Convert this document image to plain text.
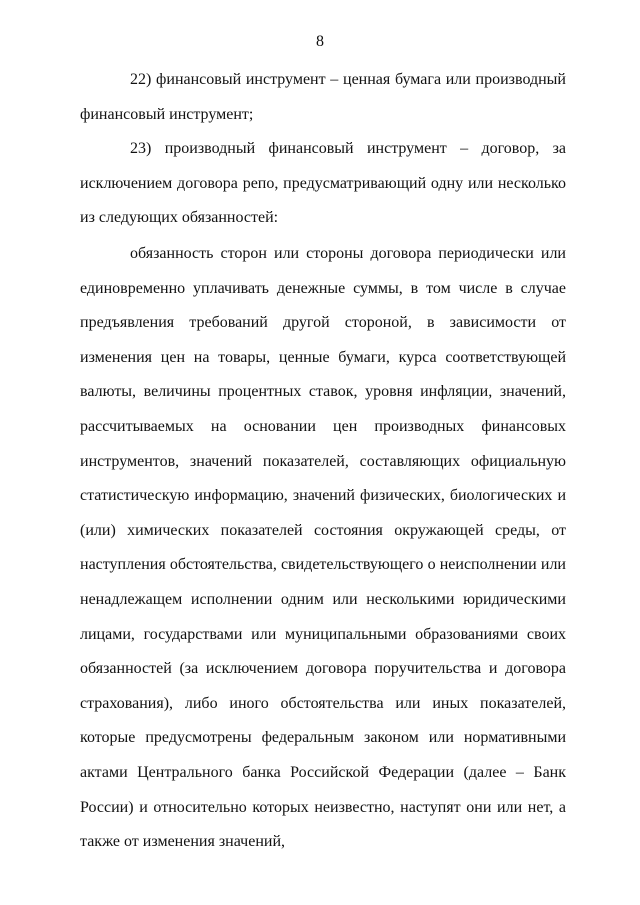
8

22) финансовый инструмент – ценная бумага или производный финансовый инструмент;

23) производный финансовый инструмент – договор, за исключением договора репо, предусматривающий одну или несколько из следующих обязанностей:

обязанность сторон или стороны договора периодически или единовременно уплачивать денежные суммы, в том числе в случае предъявления требований другой стороной, в зависимости от изменения цен на товары, ценные бумаги, курса соответствующей валюты, величины процентных ставок, уровня инфляции, значений, рассчитываемых на основании цен производных финансовых инструментов, значений показателей, составляющих официальную статистическую информацию, значений физических, биологических и (или) химических показателей состояния окружающей среды, от наступления обстоятельства, свидетельствующего о неисполнении или ненадлежащем исполнении одним или несколькими юридическими лицами, государствами или муниципальными образованиями своих обязанностей (за исключением договора поручительства и договора страхования), либо иного обстоятельства или иных показателей, которые предусмотрены федеральным законом или нормативными актами Центрального банка Российской Федерации (далее – Банк России) и относительно которых неизвестно, наступят они или нет, а также от изменения значений,
